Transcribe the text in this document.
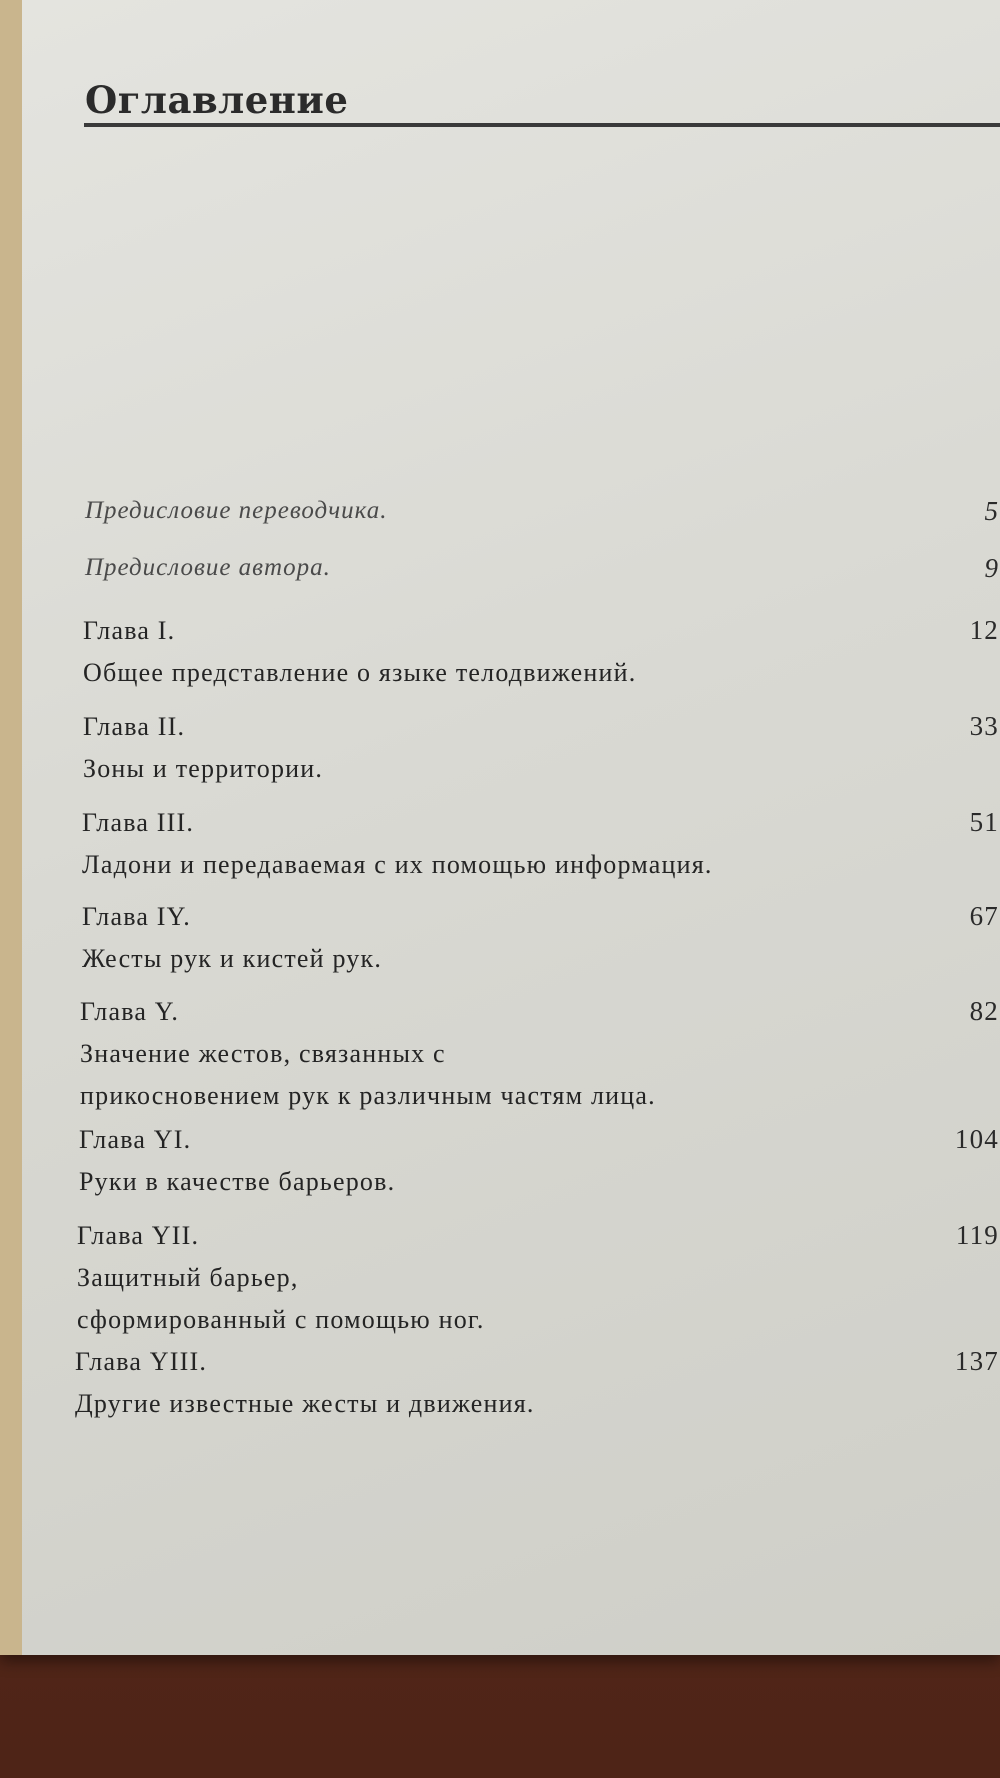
Оглавление
Предисловие переводчика.	5
Предисловие автора.	9
Глава I.
Общее представление о языке телодвижений.
12
Глава II.
Зоны и территории.
33
Глава III.
Ладони и передаваемая с их помощью информация.
51
Глава IY.
Жесты рук и кистей рук.
67
Глава Y.
Значение жестов, связанных с
прикосновением рук к различным частям лица.
82
Глава YI.
Руки в качестве барьеров.
104
Глава YII.
Защитный барьер,
сформированный с помощью ног.
119
Глава YIII.
Другие известные жесты и движения.
137
